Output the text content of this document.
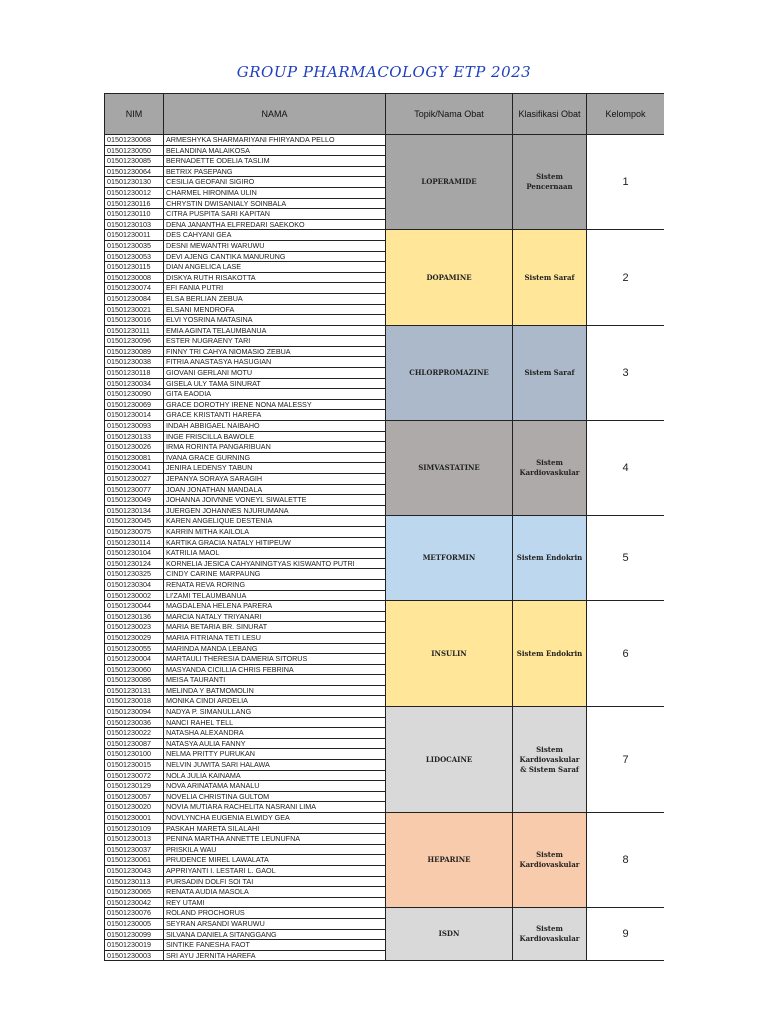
GROUP PHARMACOLOGY ETP 2023
NIM	NAMA	Topik/Nama Obat	Klasifikasi Obat	Kelompok
01501230068	ARMESHYKA SHARMARIYANI FHIRYANDA PELLO	LOPERAMIDE	Sistem Pencernaan	1
01501230050	BELANDINA MALAIKOSA			
01501230085	BERNADETTE ODELIA TASLIM			
01501230064	BETRIX PASEPANG			
01501230130	CESILIA GEOFANI SIGIRO			
01501230012	CHARMEL HIRONIMA ULIN			
01501230116	CHRYSTIN DWISANIALY SOINBALA			
01501230110	CITRA PUSPITA SARI KAPITAN			
01501230103	DENA JANANTHA ELFREDARI SAEKOKO			
01501230011	DES CAHYANI GEA	DOPAMINE	Sistem Saraf	2
01501230035	DESNI MEWANTRI WARUWU			
01501230053	DEVI AJENG CANTIKA MANURUNG			
01501230115	DIAN ANGELICA LASE			
01501230008	DISKYA RUTH RISAKOTTA			
01501230074	EFI FANIA PUTRI			
01501230084	ELSA BERLIAN ZEBUA			
01501230021	ELSANI MENDROFA			
01501230016	ELVI YOSRINA MATASINA			
01501230111	EMIA AGINTA TELAUMBANUA	CHLORPROMAZINE	Sistem Saraf	3
01501230096	ESTER NUGRAENY TARI			
01501230089	FINNY TRI CAHYA NIOMASIO ZEBUA			
01501230038	FITRIA ANASTASYA HASUGIAN			
01501230118	GIOVANI GERLANI MOTU			
01501230034	GISELA ULY TAMA SINURAT			
01501230090	GITA EAODIA			
01501230069	GRACE DOROTHY IRENE NONA MALESSY			
01501230014	GRACE KRISTANTI HAREFA			
01501230093	INDAH ABBIGAEL NAIBAHO	SIMVASTATINE	Sistem Kardiovaskular	4
01501230133	INGE FRISCILLA BAWOLE			
01501230026	IRMA RORINTA PANGARIBUAN			
01501230081	IVANA GRACE GURNING			
01501230041	JENIRA LEDENSY TABUN			
01501230027	JEPANYA SORAYA SARAGIH			
01501230077	JOAN JONATHAN MANDALA			
01501230049	JOHANNA JOIVNNE VONEYL SIWALETTE			
01501230134	JUERGEN JOHANNES NJURUMANA			
01501230045	KAREN ANGELIQUE DESTENIA	METFORMIN	Sistem Endokrin	5
01501230075	KARRIN MITHA KAILOLA			
01501230114	KARTIKA GRACIA NATALY HITIPEUW			
01501230104	KATRILIA MAOL			
01501230124	KORNELIA JESICA CAHYANINGTYAS KISWANTO PUTRI			
01501230325	CINDY CARINE MARPAUNG			
01501230304	RENATA REVA RORING			
01501230002	LI'ZAMI TELAUMBANUA			
01501230044	MAGDALENA HELENA PARERA	INSULIN	Sistem Endokrin	6
01501230136	MARCIA NATALY TRIYANARI			
01501230023	MARIA BETARIA BR. SINURAT			
01501230029	MARIA FITRIANA TETI LESU			
01501230055	MARINDA MANDA LEBANG			
01501230004	MARTAULI THERESIA DAMERIA SITORUS			
01501230060	MASYANDA CICILLIA CHRIS FEBRINA			
01501230086	MEISA TAURANTI			
01501230131	MELINDA Y BATMOMOLIN			
01501230018	MONIKA CINDI ARDELIA			
01501230094	NADYA P. SIMANULLANG	LIDOCAINE	Sistem Kardiovaskular & Sistem Saraf	7
01501230036	NANCI RAHEL TELL			
01501230022	NATASHA ALEXANDRA			
01501230087	NATASYA AULIA FANNY			
01501230100	NELMA PRITTY PURUKAN			
01501230015	NELVIN JUWITA SARI HALAWA			
01501230072	NOLA JULIA KAINAMA			
01501230129	NOVA ARINATAMA MANALU			
01501230057	NOVELIA CHRISTINA GULTOM			
01501230020	NOVIA MUTIARA RACHELITA NASRANI LIMA			
01501230001	NOVLYNCHA EUGENIA ELWIDY GEA	HEPARINE	Sistem Kardiovaskular	8
01501230109	PASKAH MARETA SILALAHI			
01501230013	PENINA MARTHA ANNETTE LEUNUFNA			
01501230037	PRISKILA WAU			
01501230061	PRUDENCE MIREL LAWALATA			
01501230043	APPRIYANTI I. LESTARI L. GAOL			
01501230113	PURSADIN DOLFI SOI TAI			
01501230065	RENATA AUDIA MASOLA			
01501230042	REY UTAMI			
01501230076	ROLAND PROCHORUS	ISDN	Sistem Kardiovaskular	9
01501230005	SEYRAN ARSANDI WARUWU			
01501230099	SILVANA DANIELA SITANGGANG			
01501230019	SINTIKE FANESHA FAOT			
01501230003	SRI AYU JERNITA HAREFA			
